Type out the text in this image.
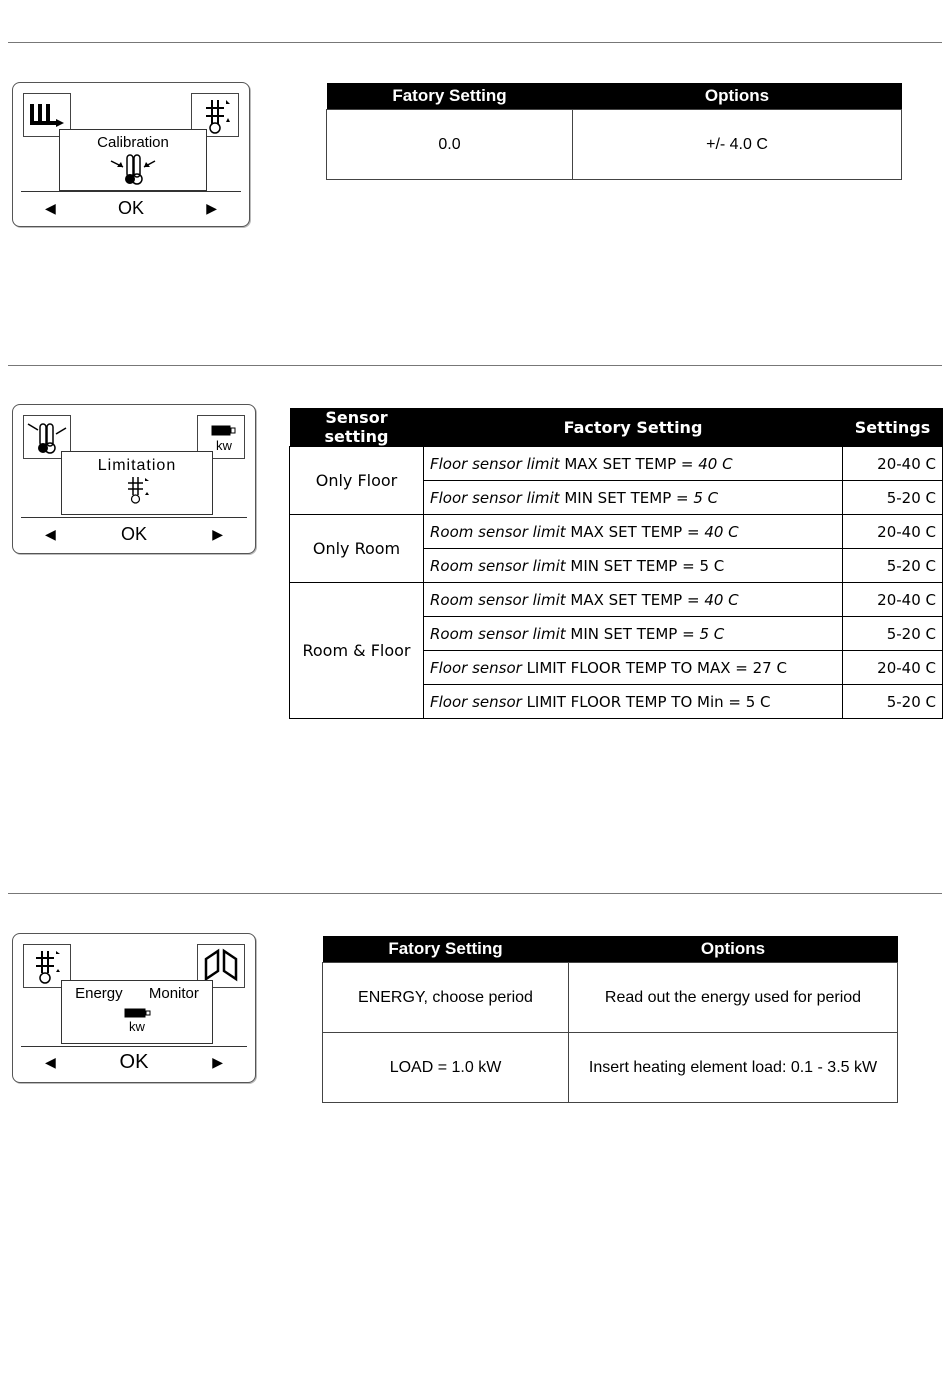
Calibration
◀	OK	▶
Fatory Setting	Options
0.0	+/- 4.0 C
kw
Limitation
◀	OK	▶
Sensor setting	Factory Setting	Settings
Only Floor	Floor sensor limit MAX SET TEMP = 40 C	20-40 C
	Floor sensor limit MIN SET TEMP = 5 C	5-20 C
Only Room	Room sensor limit MAX SET TEMP = 40 C	20-40 C
	Room sensor limit MIN SET TEMP = 5 C	5-20 C
Room & Floor	Room sensor limit MAX SET TEMP = 40 C	20-40 C
	Room sensor limit MIN SET TEMP = 5 C	5-20 C
	Floor sensor LIMIT FLOOR TEMP TO MAX = 27 C	20-40 C
	Floor sensor LIMIT FLOOR TEMP TO Min = 5 C	5-20 C
Energy Monitor
kw
◀	OK	▶
Fatory Setting	Options
ENERGY, choose period	Read out the energy used for period
LOAD = 1.0 kW	Insert heating element load: 0.1 - 3.5 kW
